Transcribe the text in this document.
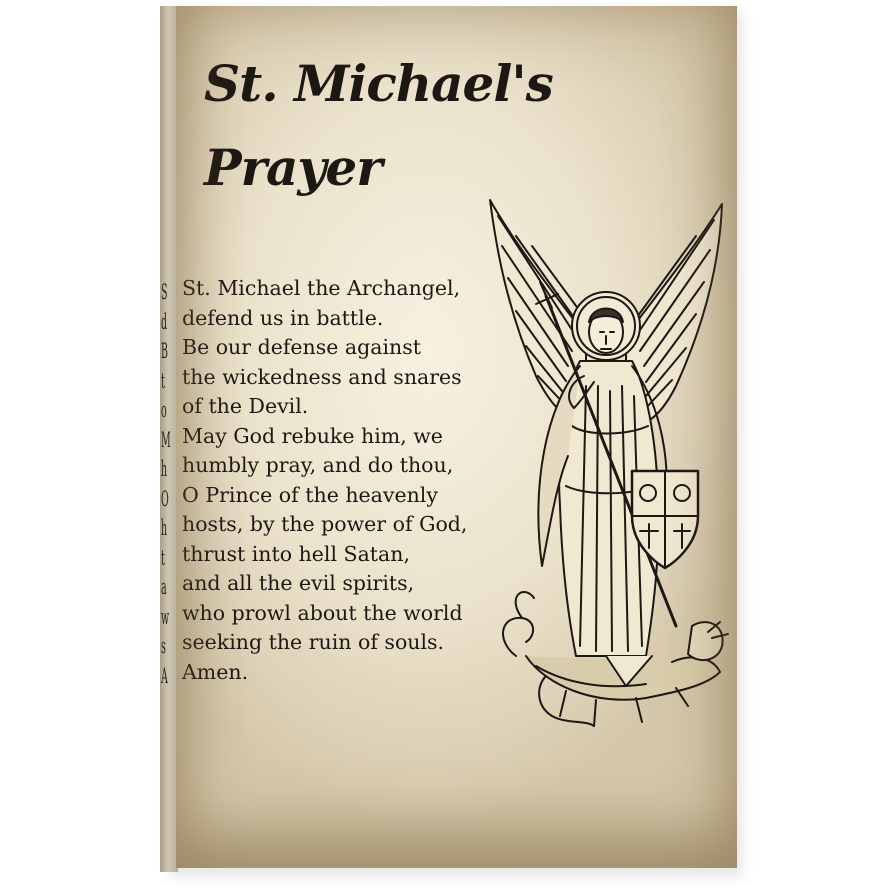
S
d
B
t
o
M
h
O
h
t
a
w
s
A
St. Michael's
Prayer
St. Michael the Archangel,
defend us in battle.
Be our defense against
the wickedness and snares
of the Devil.
May God rebuke him, we
humbly pray, and do thou,
O Prince of the heavenly
hosts, by the power of God,
thrust into hell Satan,
and all the evil spirits,
who prowl about the world
seeking the ruin of souls.
Amen.
